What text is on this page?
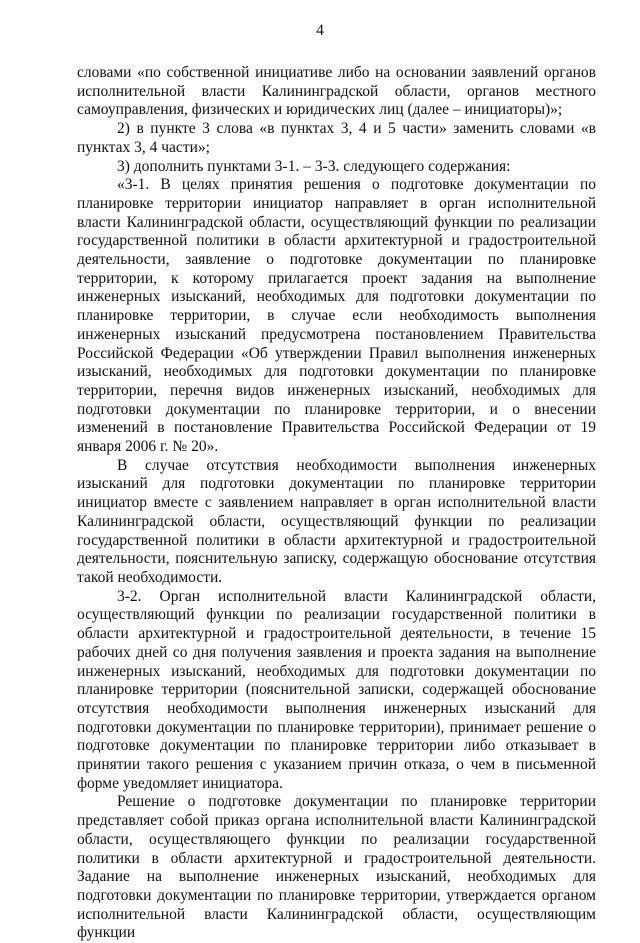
4

словами «по собственной инициативе либо на основании заявлений органов исполнительной власти Калининградской области, органов местного самоуправления, физических и юридических лиц (далее – инициаторы)»;

2) в пункте 3 слова «в пунктах 3, 4 и 5 части» заменить словами «в пунктах 3, 4 части»;

3) дополнить пунктами 3-1. – 3-3. следующего содержания:

«3-1. В целях принятия решения о подготовке документации по планировке территории инициатор направляет в орган исполнительной власти Калининградской области, осуществляющий функции по реализации государственной политики в области архитектурной и градостроительной деятельности, заявление о подготовке документации по планировке территории, к которому прилагается проект задания на выполнение инженерных изысканий, необходимых для подготовки документации по планировке территории, в случае если необходимость выполнения инженерных изысканий предусмотрена постановлением Правительства Российской Федерации «Об утверждении Правил выполнения инженерных изысканий, необходимых для подготовки документации по планировке территории, перечня видов инженерных изысканий, необходимых для подготовки документации по планировке территории, и о внесении изменений в постановление Правительства Российской Федерации от 19 января 2006 г. № 20».

В случае отсутствия необходимости выполнения инженерных изысканий для подготовки документации по планировке территории инициатор вместе с заявлением направляет в орган исполнительной власти Калининградской области, осуществляющий функции по реализации государственной политики в области архитектурной и градостроительной деятельности, пояснительную записку, содержащую обоснование отсутствия такой необходимости.

3-2. Орган исполнительной власти Калининградской области, осуществляющий функции по реализации государственной политики в области архитектурной и градостроительной деятельности, в течение 15 рабочих дней со дня получения заявления и проекта задания на выполнение инженерных изысканий, необходимых для подготовки документации по планировке территории (пояснительной записки, содержащей обоснование отсутствия необходимости выполнения инженерных изысканий для подготовки документации по планировке территории), принимает решение о подготовке документации по планировке территории либо отказывает в принятии такого решения с указанием причин отказа, о чем в письменной форме уведомляет инициатора.

Решение о подготовке документации по планировке территории представляет собой приказ органа исполнительной власти Калининградской области, осуществляющего функции по реализации государственной политики в области архитектурной и градостроительной деятельности. Задание на выполнение инженерных изысканий, необходимых для подготовки документации по планировке территории, утверждается органом исполнительной власти Калининградской области, осуществляющим функции
